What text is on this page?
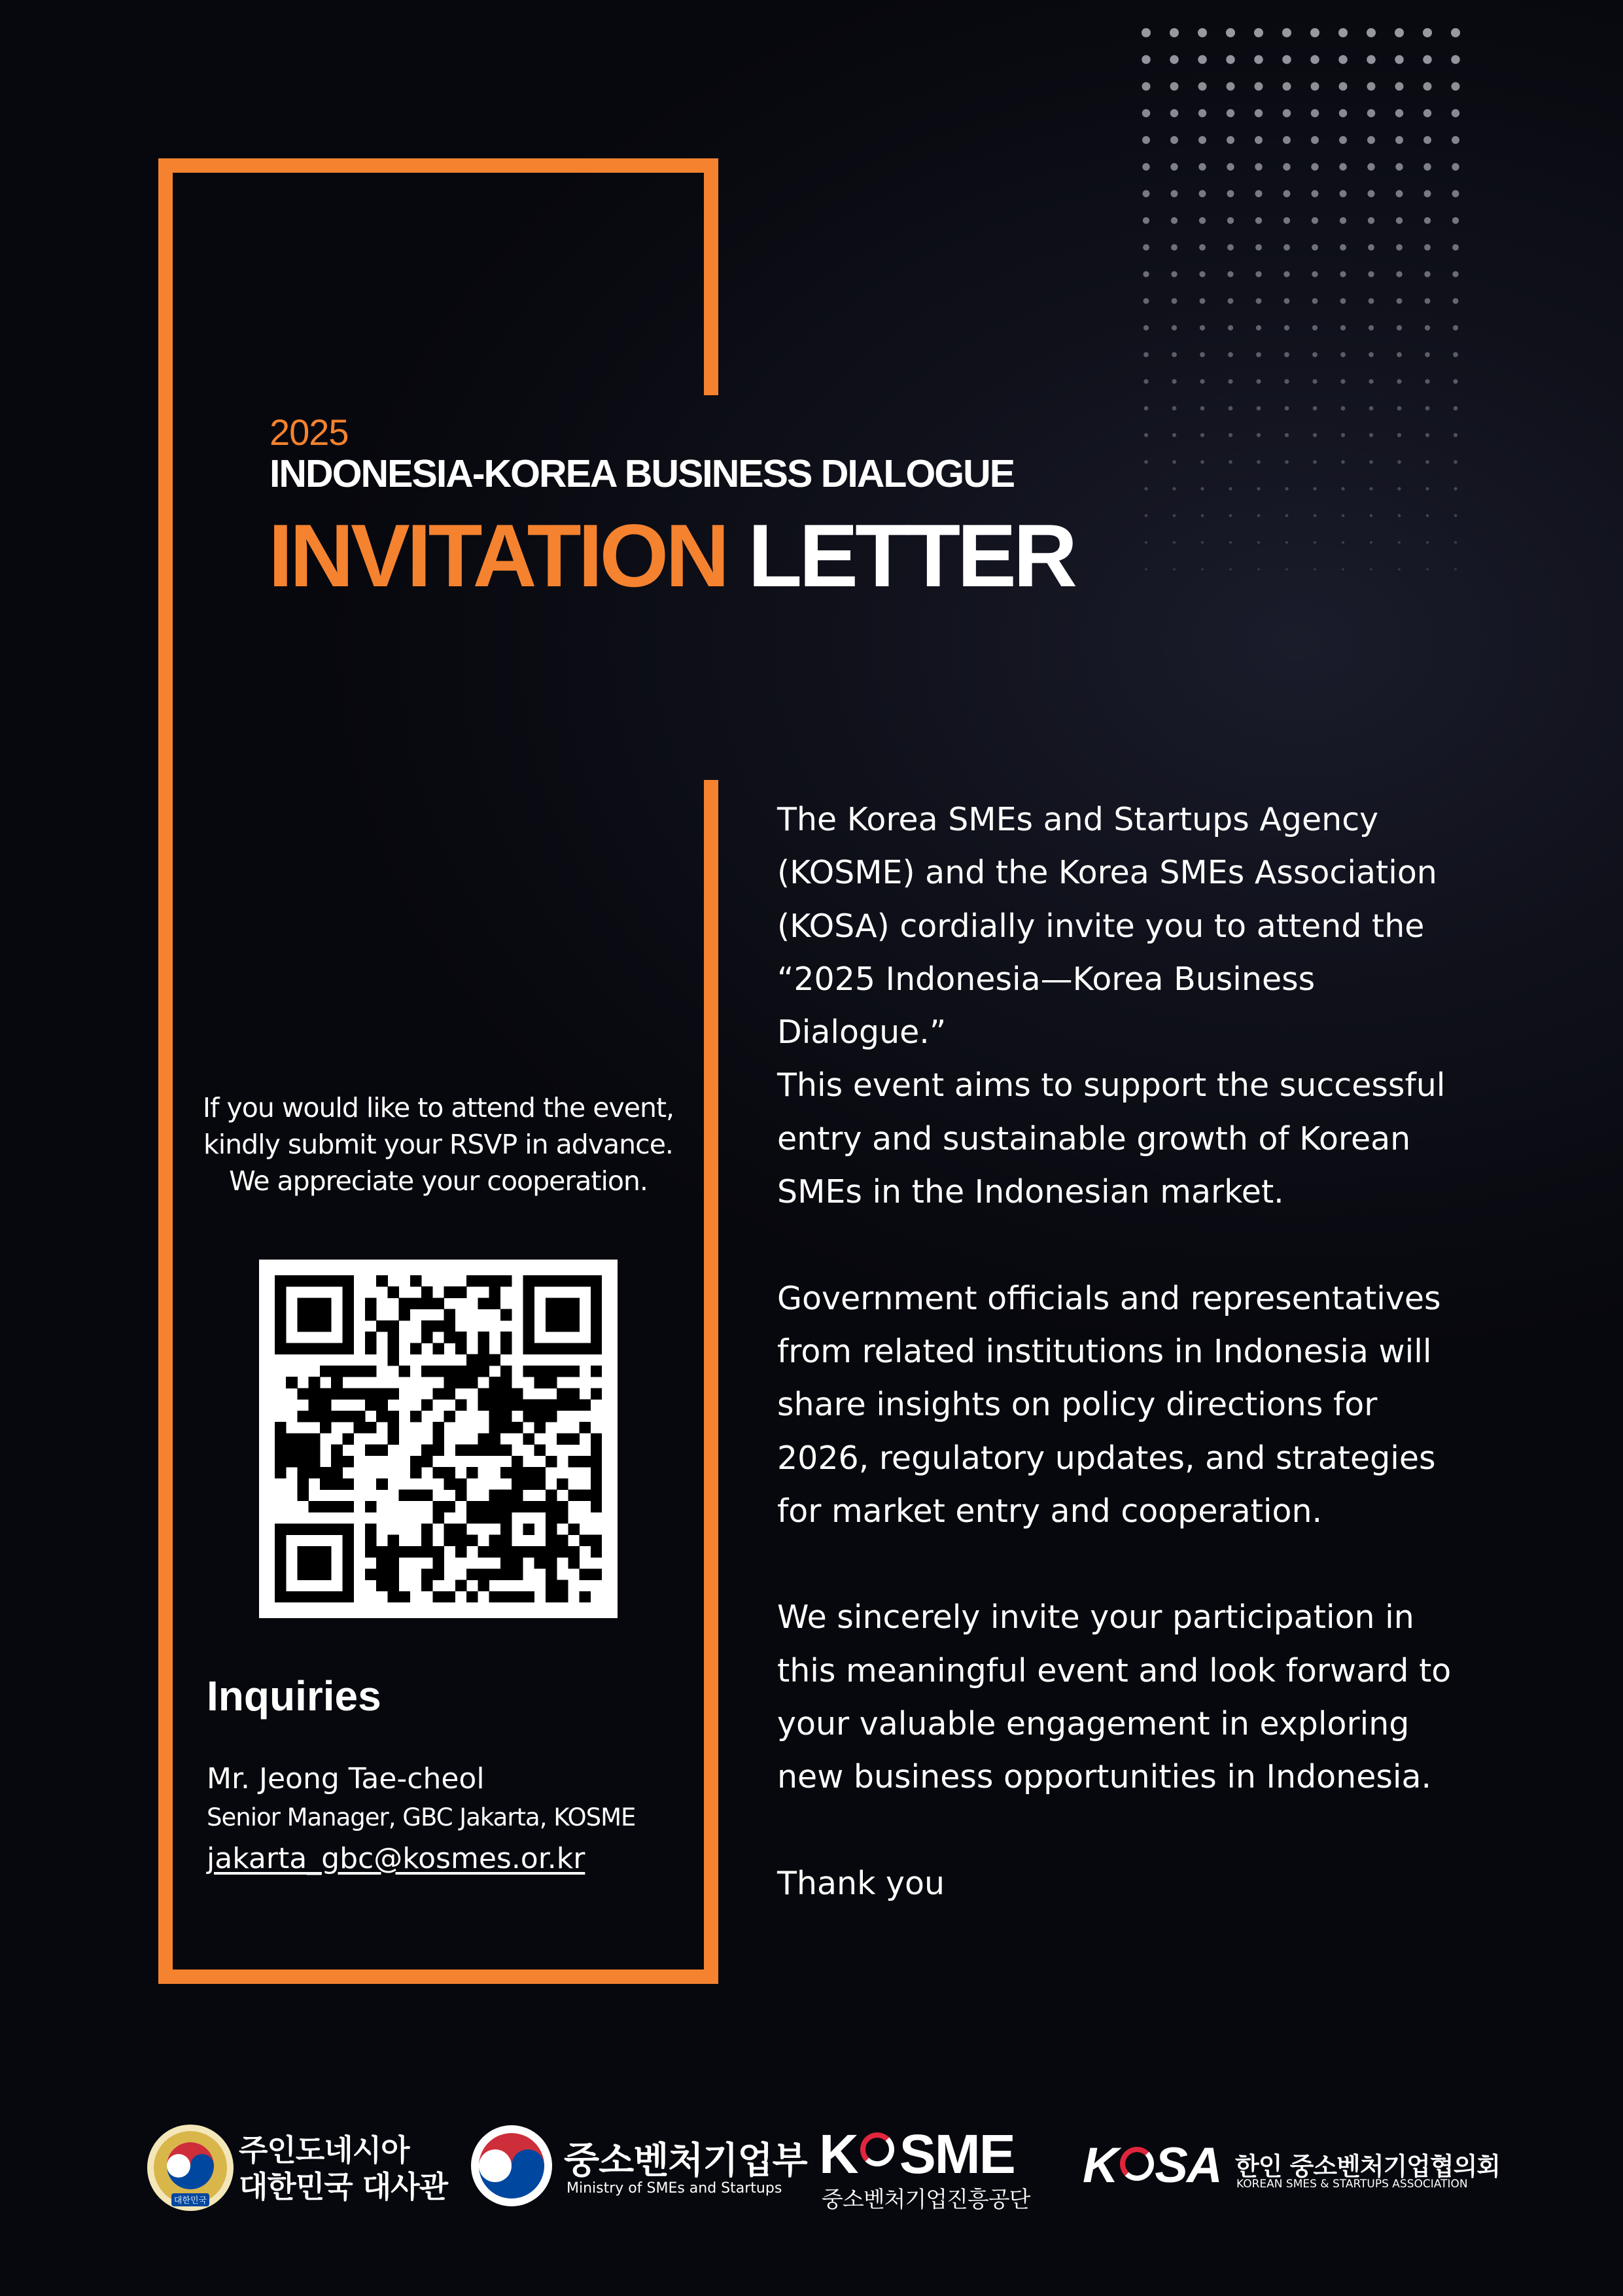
2025
INDONESIA-KOREA BUSINESS DIALOGUE
INVITATION LETTER
If you would like to attend the event,
kindly submit your RSVP in advance.
We appreciate your cooperation.
Inquiries
Mr. Jeong Tae-cheol
Senior Manager, GBC Jakarta, KOSME
jakarta_gbc@kosmes.or.kr
The Korea SMEs and Startups Agency
(KOSME) and the Korea SMEs Association
(KOSA) cordially invite you to attend the
“2025 Indonesia—Korea Business
Dialogue.”
This event aims to support the successful
entry and sustainable growth of Korean
SMEs in the Indonesian market.
Government officials and representatives
from related institutions in Indonesia will
share insights on policy directions for
2026, regulatory updates, and strategies
for market entry and cooperation.
We sincerely invite your participation in
this meaningful event and look forward to
your valuable engagement in exploring
new business opportunities in Indonesia.
Thank you
대한민국
주인도네시아
대한민국 대사관
중소벤처기업부
Ministry of SMEs and Startups
K SME
중소벤처기업진흥공단
K SA 한인 중소벤처기업협의회
KOREAN SMES & STARTUPS ASSOCIATION
